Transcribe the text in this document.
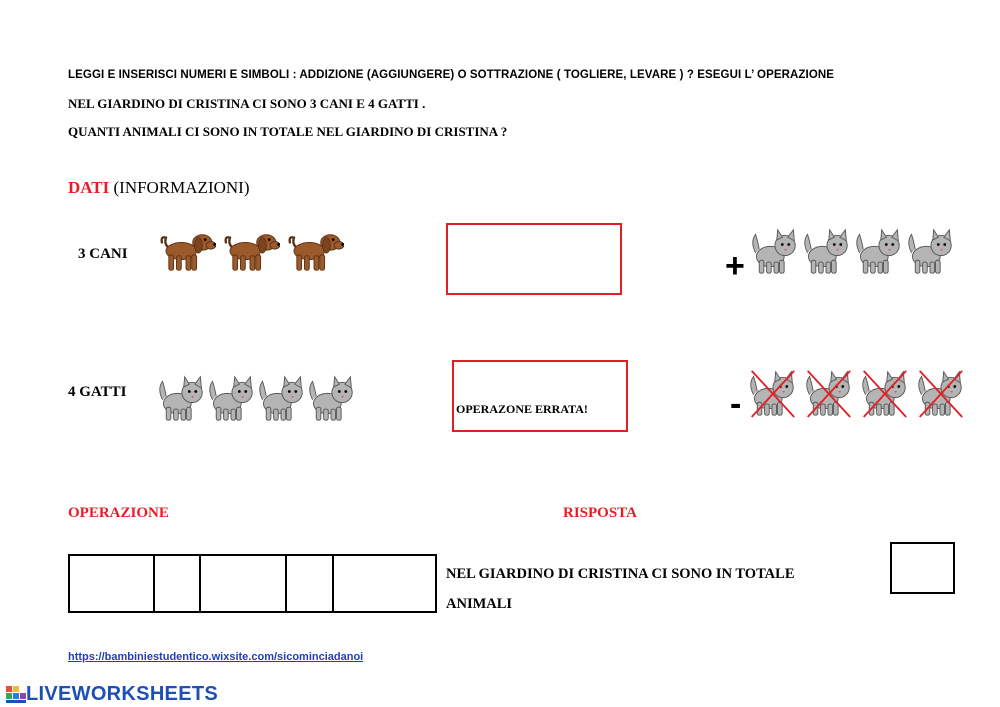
LEGGI E INSERISCI NUMERI E SIMBOLI : ADDIZIONE (AGGIUNGERE) O SOTTRAZIONE ( TOGLIERE, LEVARE ) ? ESEGUI L’ OPERAZIONE
NEL GIARDINO DI CRISTINA CI SONO 3 CANI E 4 GATTI .
QUANTI ANIMALI CI SONO IN TOTALE NEL GIARDINO DI CRISTINA ?
DATI (INFORMAZIONI)
3 CANI
4 GATTI
OPERAZONE ERRATA!
+
-
OPERAZIONE	RISPOSTA
NEL GIARDINO DI CRISTINA CI SONO IN TOTALE
ANIMALI
https://bambiniestudentico.wixsite.com/sicominciadanoi
LIVEWORKSHEETS
